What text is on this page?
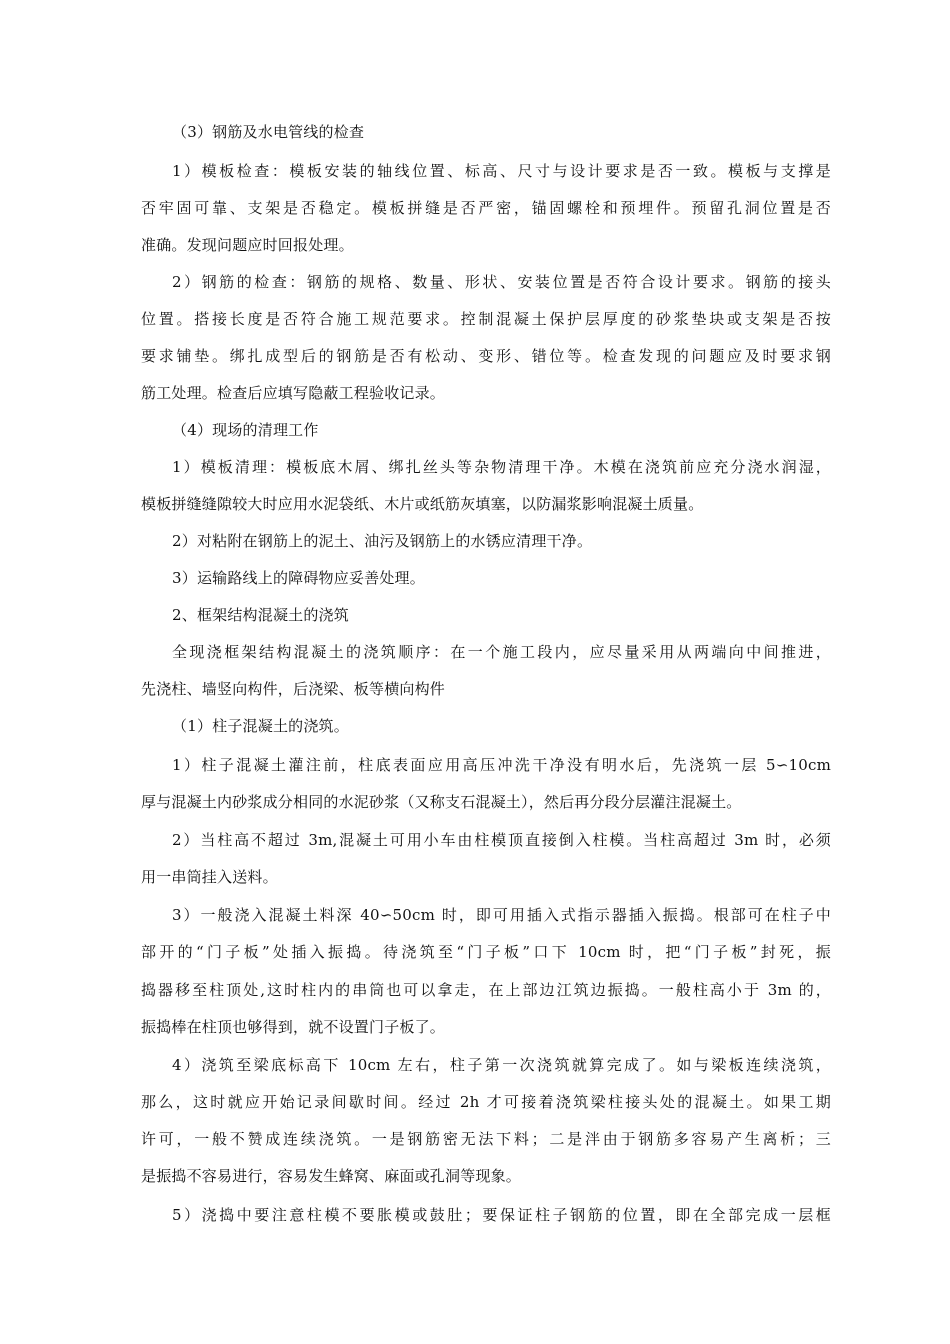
（3）钢筋及水电管线的检查
1）模板检查：模板安装的轴线位置、标高、尺寸与设计要求是否一致。模板与支撑是
否牢固可靠、支架是否稳定。模板拼缝是否严密，锚固螺栓和预埋件。预留孔洞位置是否
准确。发现问题应时回报处理。
2）钢筋的检查：钢筋的规格、数量、形状、安装位置是否符合设计要求。钢筋的接头
位置。搭接长度是否符合施工规范要求。控制混凝土保护层厚度的砂浆垫块或支架是否按
要求铺垫。绑扎成型后的钢筋是否有松动、变形、错位等。检查发现的问题应及时要求钢
筋工处理。检查后应填写隐蔽工程验收记录。
（4）现场的清理工作
1）模板清理：模板底木屑、绑扎丝头等杂物清理干净。木模在浇筑前应充分浇水润湿，
模板拼缝缝隙较大时应用水泥袋纸、木片或纸筋灰填塞，以防漏浆影响混凝土质量。
2）对粘附在钢筋上的泥土、油污及钢筋上的水锈应清理干净。
3）运输路线上的障碍物应妥善处理。
2、框架结构混凝土的浇筑
全现浇框架结构混凝土的浇筑顺序：在一个施工段内，应尽量采用从两端向中间推进，
先浇柱、墙竖向构件，后浇梁、板等横向构件
（1）柱子混凝土的浇筑。
1）柱子混凝土灌注前，柱底表面应用高压冲洗干净没有明水后，先浇筑一层 5∽10cm
厚与混凝土内砂浆成分相同的水泥砂浆（又称支石混凝土），然后再分段分层灌注混凝土。
2）当柱高不超过 3m,混凝土可用小车由柱模顶直接倒入柱模。当柱高超过 3m 时，必须
用一串筒挂入送料。
3）一般浇入混凝土料深 40∽50cm 时，即可用插入式指示器插入振捣。根部可在柱子中
部开的“门子板”处插入振捣。待浇筑至“门子板”口下 10cm 时，把“门子板”封死，振
捣器移至柱顶处,这时柱内的串筒也可以拿走，在上部边江筑边振捣。一般柱高小于 3m 的，
振捣棒在柱顶也够得到，就不设置门子板了。
4）浇筑至梁底标高下 10cm 左右，柱子第一次浇筑就算完成了。如与梁板连续浇筑，
那么，这时就应开始记录间歇时间。经过 2h 才可接着浇筑梁柱接头处的混凝土。如果工期
许可，一般不赞成连续浇筑。一是钢筋密无法下料；二是泮由于钢筋多容易产生离析；三
是振捣不容易进行，容易发生蜂窝、麻面或孔洞等现象。
5）浇捣中要注意柱模不要胀模或鼓肚；要保证柱子钢筋的位置，即在全部完成一层框
